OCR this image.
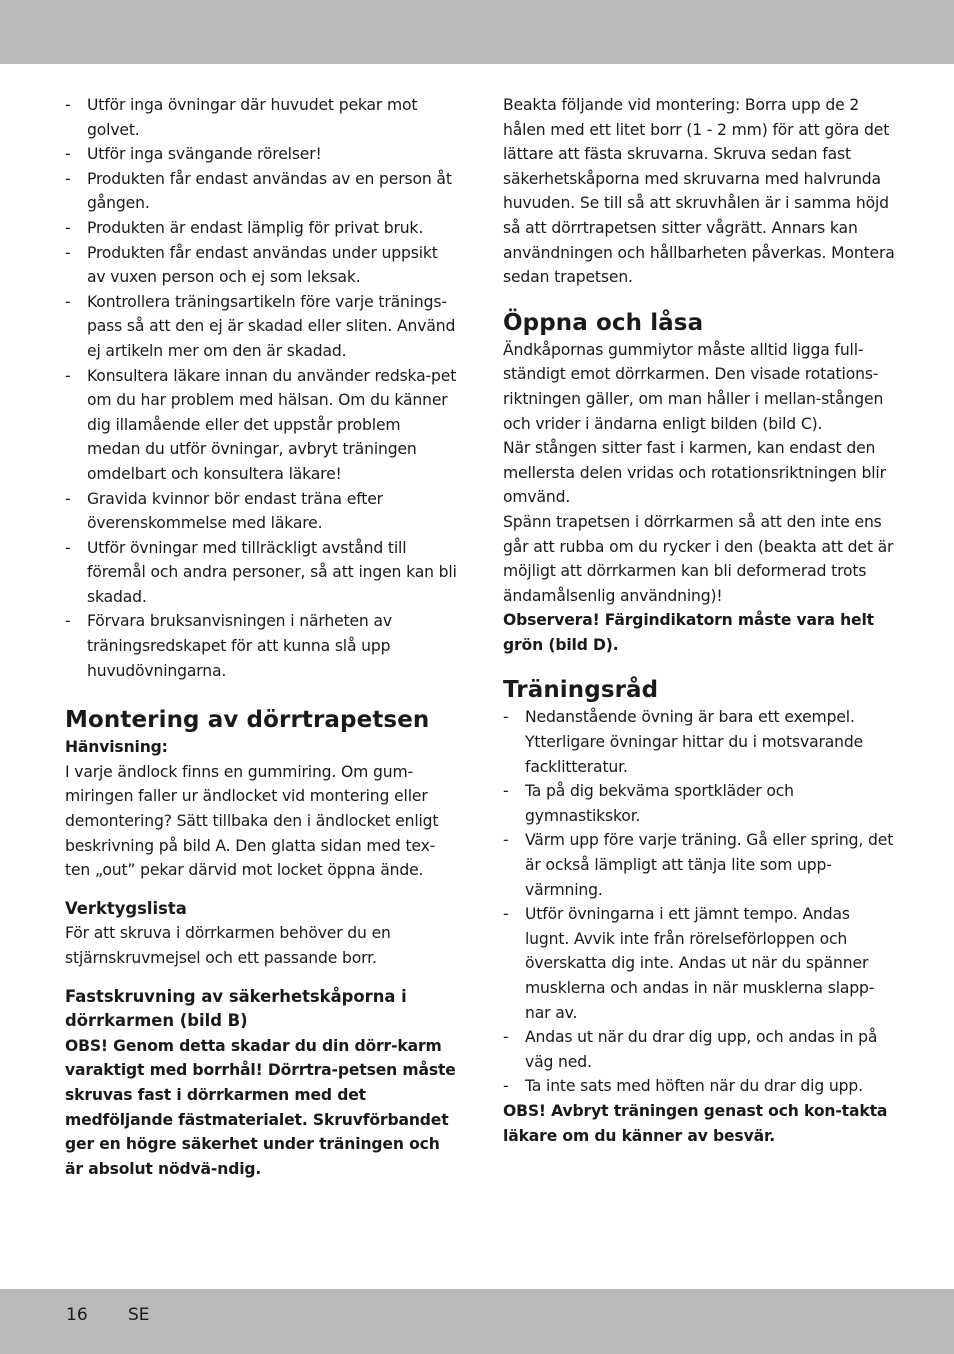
- Utför inga övningar där huvudet pekar mot golvet.
- Utför inga svängande rörelser!
- Produkten får endast användas av en person åt gången.
- Produkten är endast lämplig för privat bruk.
- Produkten får endast användas under uppsikt av vuxen person och ej som leksak.
- Kontrollera träningsartikeln före varje tränings-pass så att den ej är skadad eller sliten. Använd ej artikeln mer om den är skadad.
- Konsultera läkare innan du använder redska-pet om du har problem med hälsan. Om du känner dig illamående eller det uppstår problem medan du utför övningar, avbryt träningen omdelbart och konsultera läkare!
- Gravida kvinnor bör endast träna efter överenskommelse med läkare.
- Utför övningar med tillräckligt avstånd till föremål och andra personer, så att ingen kan bli skadad.
- Förvara bruksanvisningen i närheten av träningsredskapet för att kunna slå upp huvudövningarna.
Montering av dörrtrapetsen

Hänvisning:

I varje ändlock finns en gummiring. Om gum-miringen faller ur ändlocket vid montering eller demontering? Sätt tillbaka den i ändlocket enligt beskrivning på bild A. Den glatta sidan med tex-ten „out” pekar därvid mot locket öppna ände.

Verktygslista

För att skruva i dörrkarmen behöver du en stjärnskruvmejsel och ett passande borr.

Fastskruvning av säkerhetskåporna i dörrkarmen (bild B)

OBS! Genom detta skadar du din dörr-karm varaktigt med borrhål! Dörrtra-petsen måste skruvas fast i dörrkarmen med det medföljande fästmaterialet. Skruvförbandet ger en högre säkerhet under träningen och är absolut nödvä-ndig.

Beakta följande vid montering: Borra upp de 2 hålen med ett litet borr (1 - 2 mm) för att göra det lättare att fästa skruvarna. Skruva sedan fast säkerhetskåporna med skruvarna med halvrunda huvuden. Se till så att skruvhålen är i samma höjd så att dörrtrapetsen sitter vågrätt. Annars kan användningen och hållbarheten påverkas. Montera sedan trapetsen.

Öppna och låsa

Ändkåpornas gummiytor måste alltid ligga full-ständigt emot dörrkarmen. Den visade rotations-riktningen gäller, om man håller i mellan-stången och vrider i ändarna enligt bilden (bild C).

När stången sitter fast i karmen, kan endast den mellersta delen vridas och rotationsriktningen blir omvänd.

Spänn trapetsen i dörrkarmen så att den inte ens går att rubba om du rycker i den (beakta att det är möjligt att dörrkarmen kan bli deformerad trots ändamålsenlig användning)!

Observera! Färgindikatorn måste vara helt grön (bild D).

Träningsråd
- Nedanstående övning är bara ett exempel. Ytterligare övningar hittar du i motsvarande facklitteratur.
- Ta på dig bekväma sportkläder och gymnastikskor.
- Värm upp före varje träning. Gå eller spring, det är också lämpligt att tänja lite som upp-värmning.
- Utför övningarna i ett jämnt tempo. Andas lugnt. Avvik inte från rörelseförloppen och överskatta dig inte. Andas ut när du spänner musklerna och andas in när musklerna slapp-nar av.
- Andas ut när du drar dig upp, och andas in på väg ned.
- Ta inte sats med höften när du drar dig upp.

OBS! Avbryt träningen genast och kon-takta läkare om du känner av besvär.

16 SE
